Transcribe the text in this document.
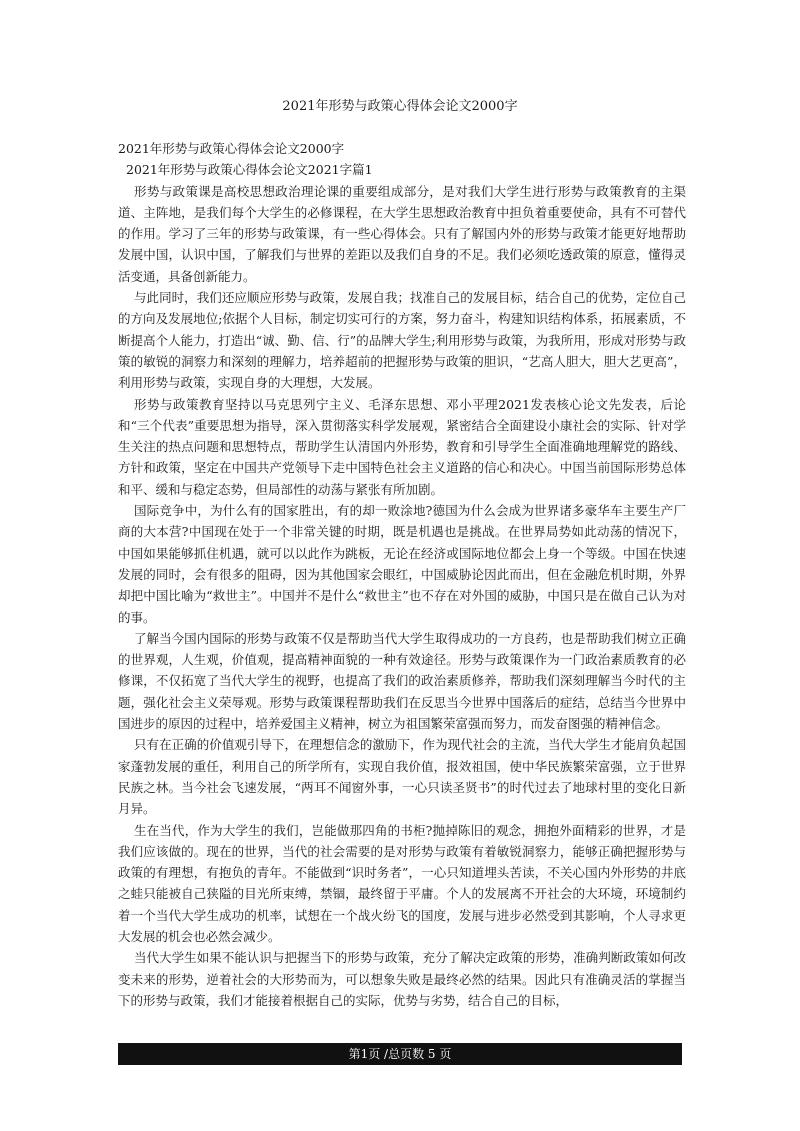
2021年形势与政策心得体会论文2000字

2021年形势与政策心得体会论文2000字

2021年形势与政策心得体会论文2021字篇1

形势与政策课是高校思想政治理论课的重要组成部分，是对我们大学生进行形势与政策教育的主渠道、主阵地，是我们每个大学生的必修课程，在大学生思想政治教育中担负着重要使命，具有不可替代的作用。学习了三年的形势与政策课，有一些心得体会。只有了解国内外的形势与政策才能更好地帮助发展中国，认识中国，了解我们与世界的差距以及我们自身的不足。我们必须吃透政策的原意，懂得灵活变通，具备创新能力。

与此同时，我们还应顺应形势与政策，发展自我；找准自己的发展目标，结合自己的优势，定位自己的方向及发展地位;依据个人目标，制定切实可行的方案，努力奋斗，构建知识结构体系，拓展素质，不断提高个人能力，打造出“诚、勤、信、行”的品牌大学生;利用形势与政策，为我所用，形成对形势与政策的敏锐的洞察力和深刻的理解力，培养超前的把握形势与政策的胆识，“艺高人胆大，胆大艺更高”，利用形势与政策，实现自身的大理想，大发展。

形势与政策教育坚持以马克思列宁主义、毛泽东思想、邓小平理2021发表核心论文先发表，后论和“三个代表”重要思想为指导，深入贯彻落实科学发展观，紧密结合全面建设小康社会的实际、针对学生关注的热点问题和思想特点，帮助学生认清国内外形势，教育和引导学生全面准确地理解党的路线、方针和政策，坚定在中国共产党领导下走中国特色社会主义道路的信心和决心。中国当前国际形势总体和平、缓和与稳定态势，但局部性的动荡与紧张有所加剧。

国际竞争中，为什么有的国家胜出，有的却一败涂地?德国为什么会成为世界诸多豪华车主要生产厂商的大本营?中国现在处于一个非常关键的时期，既是机遇也是挑战。在世界局势如此动荡的情况下，中国如果能够抓住机遇，就可以以此作为跳板，无论在经济或国际地位都会上身一个等级。中国在快速发展的同时，会有很多的阻碍，因为其他国家会眼红，中国威胁论因此而出，但在金融危机时期，外界却把中国比喻为“救世主”。中国并不是什么“救世主”也不存在对外国的威胁，中国只是在做自己认为对的事。

了解当今国内国际的形势与政策不仅是帮助当代大学生取得成功的一方良药，也是帮助我们树立正确的世界观，人生观，价值观，提高精神面貌的一种有效途径。形势与政策课作为一门政治素质教育的必修课，不仅拓宽了当代大学生的视野，也提高了我们的政治素质修养，帮助我们深刻理解当今时代的主题，强化社会主义荣辱观。形势与政策课程帮助我们在反思当今世界中国落后的症结，总结当今世界中国进步的原因的过程中，培养爱国主义精神，树立为祖国繁荣富强而努力，而发奋图强的精神信念。

只有在正确的价值观引导下，在理想信念的激励下，作为现代社会的主流，当代大学生才能肩负起国家蓬勃发展的重任，利用自己的所学所有，实现自我价值，报效祖国，使中华民族繁荣富强，立于世界民族之林。当今社会飞速发展，“两耳不闻窗外事，一心只读圣贤书”的时代过去了地球村里的变化日新月异。

生在当代，作为大学生的我们，岂能做那四角的书柜?抛掉陈旧的观念，拥抱外面精彩的世界，才是我们应该做的。现在的世界，当代的社会需要的是对形势与政策有着敏锐洞察力，能够正确把握形势与政策的有理想，有抱负的青年。不能做到“识时务者”，一心只知道埋头苦读，不关心国内外形势的井底之蛙只能被自己狭隘的目光所束缚，禁锢，最终留于平庸。个人的发展离不开社会的大环境，环境制约着一个当代大学生成功的机率，试想在一个战火纷飞的国度，发展与进步必然受到其影响，个人寻求更大发展的机会也必然会减少。

当代大学生如果不能认识与把握当下的形势与政策，充分了解决定政策的形势，准确判断政策如何改变未来的形势，逆着社会的大形势而为，可以想象失败是最终必然的结果。因此只有准确灵活的掌握当下的形势与政策，我们才能接着根据自己的实际，优势与劣势，结合自己的目标，

第1页 /总页数 5 页
